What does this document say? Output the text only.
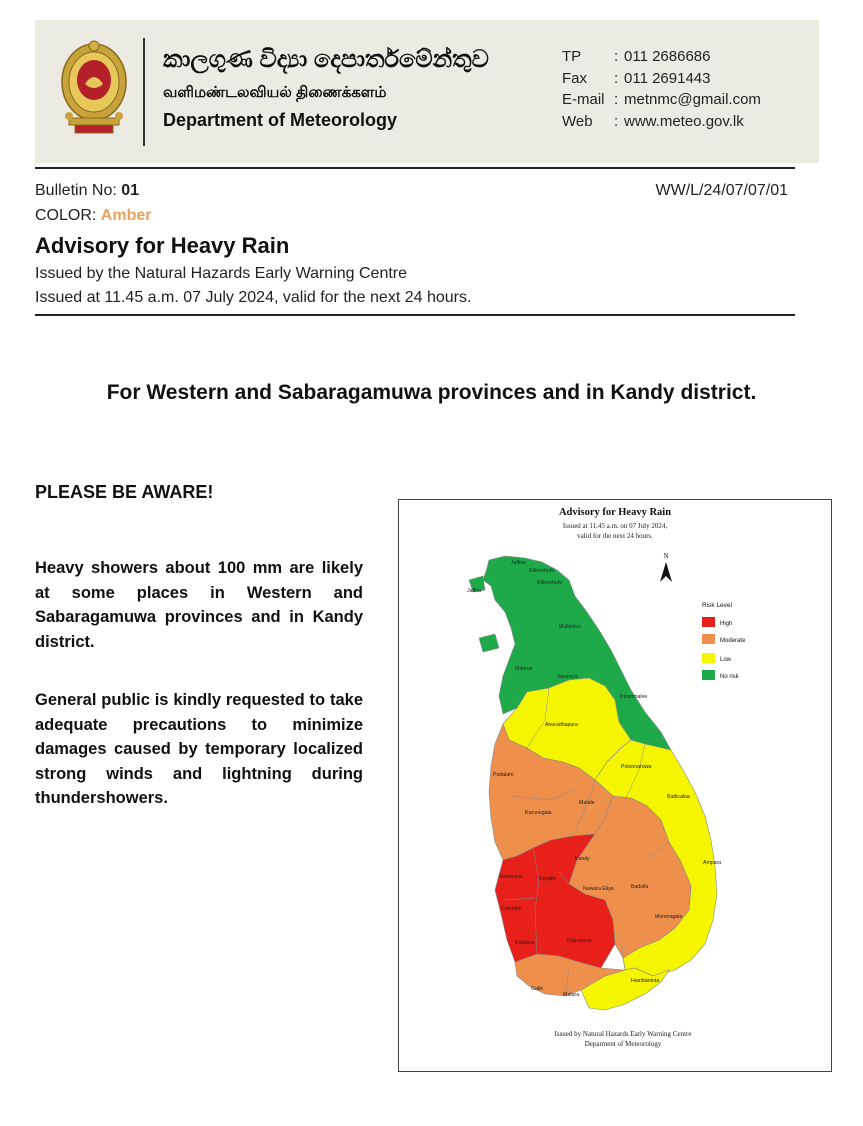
කාලගුණ විද්‍යා දෙපාර්තමේන්තුව
வளிமண்டலவியல் திணைக்களம்
Department of Meteorology
TP	: 011 2686686
Fax	: 011 2691443
E-mail : metnmc@gmail.com
Web	: www.meteo.gov.lk
Bulletin No: 01
COLOR: Amber
WW/L/24/07/07/01
Advisory for Heavy Rain
Issued by the Natural Hazards Early Warning Centre
Issued at 11.45 a.m. 07 July 2024, valid for the next 24 hours.
For Western and Sabaragamuwa provinces and in Kandy district.
PLEASE BE AWARE!
Heavy showers about 100 mm are likely at some places in Western and Sabaragamuwa provinces and in Kandy district.
General public is kindly requested to take adequate precautions to minimize damages caused by temporary localized strong winds and lightning during thundershowers.
Advisory for Heavy Rain
Issued at 11.45 a.m. on 07 July 2024,
valid for the next 24 hours.
N
Jaffna
Kilinochchi
Jaffna
Kilinochchi
Mullaitivu
Mannar
Vavuniya
Trincomalee
Anuradhapura
Puttalam
Polonnaruwa
Batticaloa
Matale
Kurunegala
Ampara
Kandy
Gampaha	Kegalle
Nuwara Eliya	Badulla
Colombo
Moneragala
Kalutara	Ratnapura
Hambantota
Galle
Matara
Risk Level
High
Moderate
Low
No risk
Issued by Natural Hazards Early Warning Centre
Deparment of Meteorology
